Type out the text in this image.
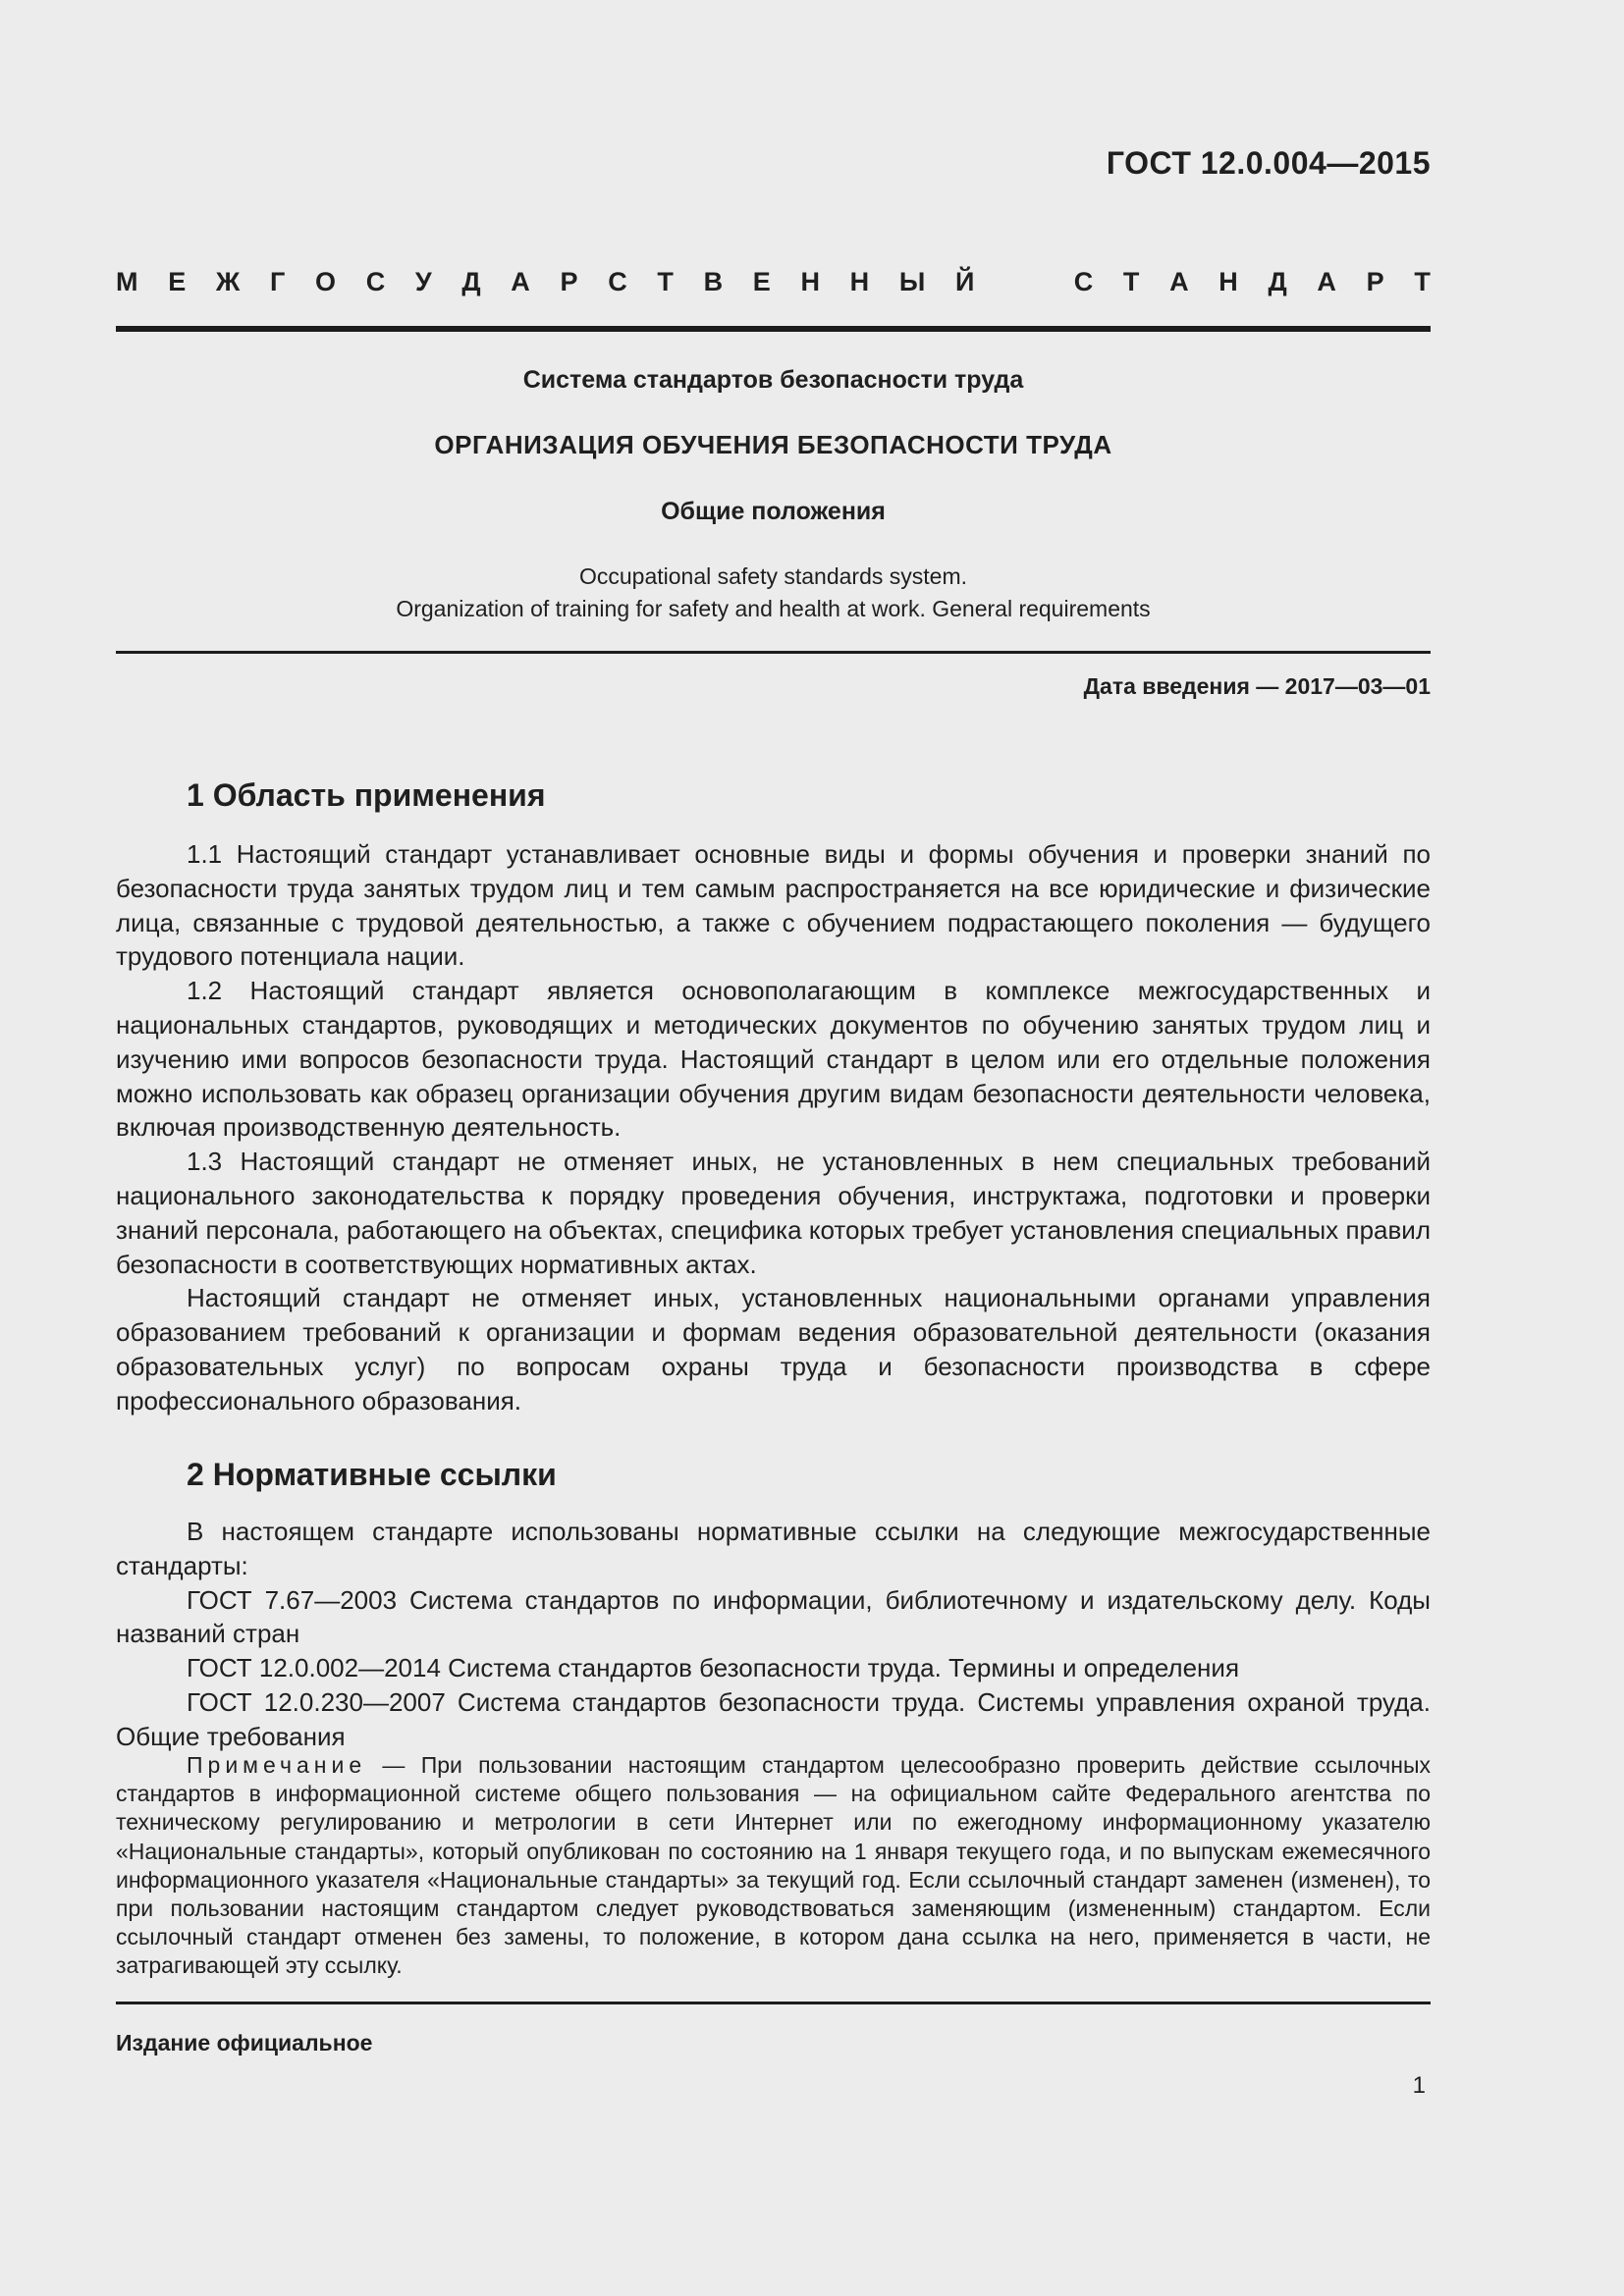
ГОСТ 12.0.004—2015
М Е Ж Г О С У Д А Р С Т В Е Н Н Ы Й	С Т А Н Д А Р Т
Система стандартов безопасности труда
ОРГАНИЗАЦИЯ ОБУЧЕНИЯ БЕЗОПАСНОСТИ ТРУДА
Общие положения
Occupational safety standards system.
Organization of training for safety and health at work. General requirements
Дата введения — 2017—03—01
1 Область применения

1.1 Настоящий стандарт устанавливает основные виды и формы обучения и проверки знаний по безопасности труда занятых трудом лиц и тем самым распространяется на все юридические и физические лица, связанные с трудовой деятельностью, а также с обучением подрастающего поколения — будущего трудового потенциала нации.

1.2 Настоящий стандарт является основополагающим в комплексе межгосударственных и национальных стандартов, руководящих и методических документов по обучению занятых трудом лиц и изучению ими вопросов безопасности труда. Настоящий стандарт в целом или его отдельные положения можно использовать как образец организации обучения другим видам безопасности деятельности человека, включая производственную деятельность.

1.3 Настоящий стандарт не отменяет иных, не установленных в нем специальных требований национального законодательства к порядку проведения обучения, инструктажа, подготовки и проверки знаний персонала, работающего на объектах, специфика которых требует установления специальных правил безопасности в соответствующих нормативных актах.

Настоящий стандарт не отменяет иных, установленных национальными органами управления образованием требований к организации и формам ведения образовательной деятельности (оказания образовательных услуг) по вопросам охраны труда и безопасности производства в сфере профессионального образования.

2 Нормативные ссылки

В настоящем стандарте использованы нормативные ссылки на следующие межгосударственные стандарты:

ГОСТ 7.67—2003 Система стандартов по информации, библиотечному и издательскому делу. Коды названий стран

ГОСТ 12.0.002—2014 Система стандартов безопасности труда. Термины и определения

ГОСТ 12.0.230—2007 Система стандартов безопасности труда. Системы управления охраной труда. Общие требования

Примечание — При пользовании настоящим стандартом целесообразно проверить действие ссылочных стандартов в информационной системе общего пользования — на официальном сайте Федерального агентства по техническому регулированию и метрологии в сети Интернет или по ежегодному информационному указателю «Национальные стандарты», который опубликован по состоянию на 1 января текущего года, и по выпускам ежемесячного информационного указателя «Национальные стандарты» за текущий год. Если ссылочный стандарт заменен (изменен), то при пользовании настоящим стандартом следует руководствоваться заменяющим (измененным) стандартом. Если ссылочный стандарт отменен без замены, то положение, в котором дана ссылка на него, применяется в части, не затрагивающей эту ссылку.
Издание официальное
1
